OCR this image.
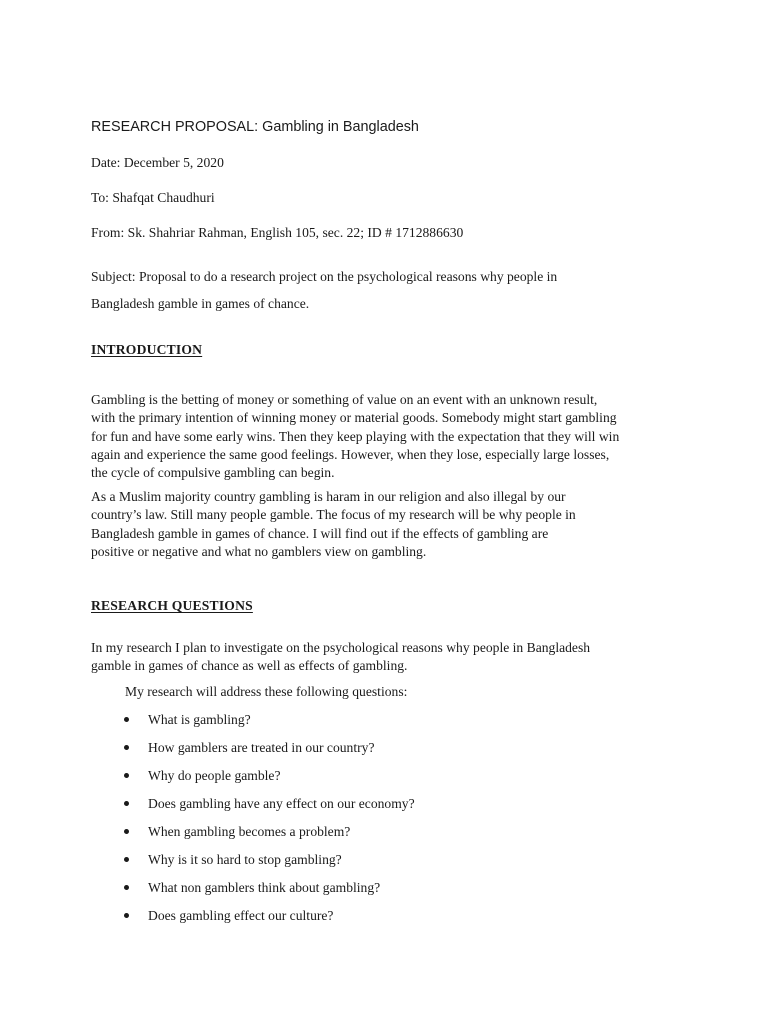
RESEARCH PROPOSAL: Gambling in Bangladesh
Date: December 5, 2020
To: Shafqat Chaudhuri
From: Sk. Shahriar Rahman, English 105, sec. 22; ID # 1712886630
Subject: Proposal to do a research project on the psychological reasons why people in
Bangladesh gamble in games of chance.
INTRODUCTION
Gambling is the betting of money or something of value on an event with an unknown result,
with the primary intention of winning money or material goods. Somebody might start gambling
for fun and have some early wins. Then they keep playing with the expectation that they will win
again and experience the same good feelings. However, when they lose, especially large losses,
the cycle of compulsive gambling can begin.
As a Muslim majority country gambling is haram in our religion and also illegal by our
country’s law. Still many people gamble. The focus of my research will be why people in
Bangladesh gamble in games of chance. I will find out if the effects of gambling are
positive or negative and what no gamblers view on gambling.
RESEARCH QUESTIONS
In my research I plan to investigate on the psychological reasons why people in Bangladesh
gamble in games of chance as well as effects of gambling.
My research will address these following questions:
What is gambling?
How gamblers are treated in our country?
Why do people gamble?
Does gambling have any effect on our economy?
When gambling becomes a problem?
Why is it so hard to stop gambling?
What non gamblers think about gambling?
Does gambling effect our culture?
